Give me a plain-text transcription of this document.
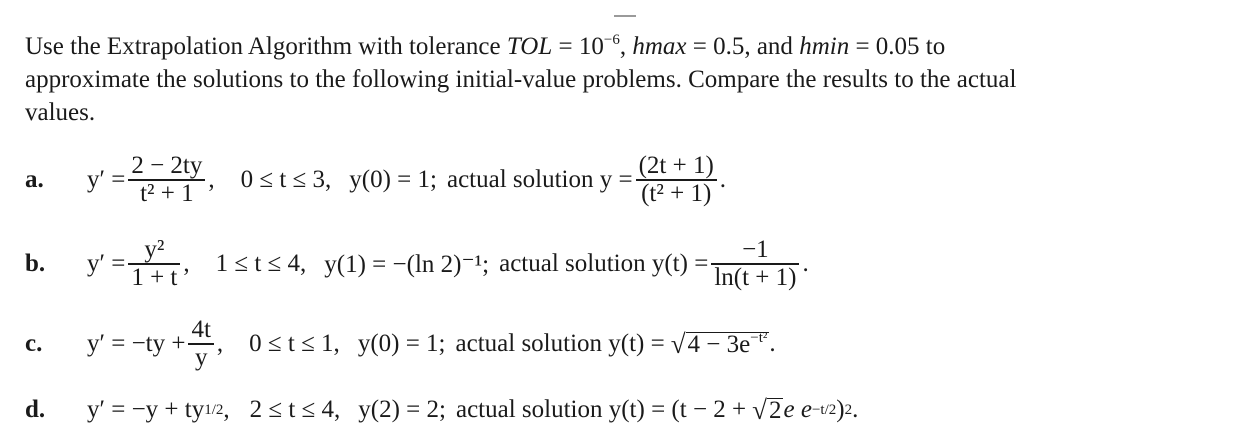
Use the Extrapolation Algorithm with tolerance TOL = $10^{-6}$, hmax = 0.5, and hmin = 0.05 to
approximate the solutions to the following initial-value problems. Compare the results to the actual
values.
a. $y' = \frac{2 - 2ty}{\text{t² + 1}}$ , 0 ≤ t ≤ 3, y(0) = 1; actual solution $y = \frac{(2t + 1)}{\text{(t² + 1)}}$ .
b. $y' = \frac{\text{y²}}{1 + t}$ , 1 ≤ t ≤ 4, y(1) = −(ln 2)⁻¹; actual solution $y(t) = \frac{-1}{\ln(t + 1)}$ .
c. $y' = -ty + \frac{4t}{y}$ , 0 ≤ t ≤ 1, y(0) = 1; actual solution y(t) = √ $4 - 3e^{-t^2}$ .
d. y′ = −y + ty 1/2 , 2 ≤ t ≤ 4, y(2) = 2; actual solution y(t) = (t − 2 + √ 2 e e −t/2 ) 2 .
